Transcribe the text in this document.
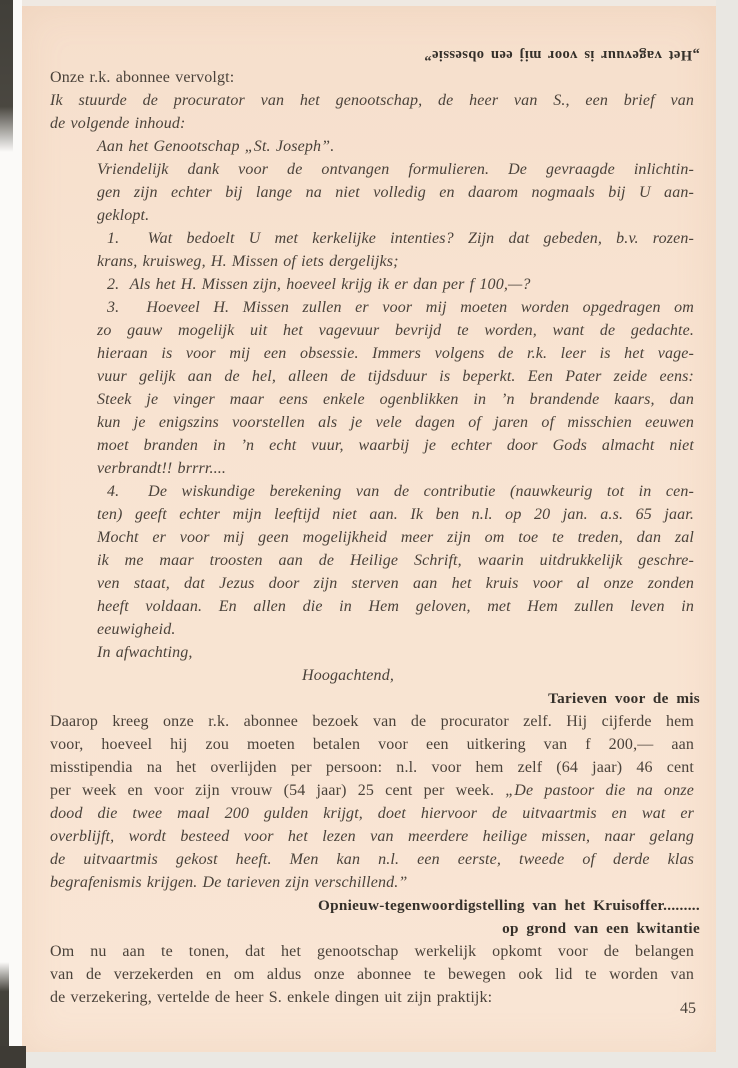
„Het vagevuur is voor mij een obsessie”
Onze r.k. abonnee vervolgt:
Ik stuurde de procurator van het genootschap, de heer van S., een brief van
de volgende inhoud:
Aan het Genootschap „St. Joseph”.
Vriendelijk dank voor de ontvangen formulieren. De gevraagde inlichtin-
gen zijn echter bij lange na niet volledig en daarom nogmaals bij U aan-
geklopt.
1.  Wat bedoelt U met kerkelijke intenties? Zijn dat gebeden, b.v. rozen-
krans, kruisweg, H. Missen of iets dergelijks;
2.  Als het H. Missen zijn, hoeveel krijg ik er dan per f 100,—?
3.  Hoeveel H. Missen zullen er voor mij moeten worden opgedragen om
zo gauw mogelijk uit het vagevuur bevrijd te worden, want de gedachte.
hieraan is voor mij een obsessie. Immers volgens de r.k. leer is het vage-
vuur gelijk aan de hel, alleen de tijdsduur is beperkt. Een Pater zeide eens:
Steek je vinger maar eens enkele ogenblikken in ’n brandende kaars, dan
kun je enigszins voorstellen als je vele dagen of jaren of misschien eeuwen
moet branden in ’n echt vuur, waarbij je echter door Gods almacht niet
verbrandt!! brrrr....
4.  De wiskundige berekening van de contributie (nauwkeurig tot in cen-
ten) geeft echter mijn leeftijd niet aan. Ik ben n.l. op 20 jan. a.s. 65 jaar.
Mocht er voor mij geen mogelijkheid meer zijn om toe te treden, dan zal
ik me maar troosten aan de Heilige Schrift, waarin uitdrukkelijk geschre-
ven staat, dat Jezus door zijn sterven aan het kruis voor al onze zonden
heeft voldaan. En allen die in Hem geloven, met Hem zullen leven in
eeuwigheid.
In afwachting,
Hoogachtend,
Tarieven voor de mis
Daarop kreeg onze r.k. abonnee bezoek van de procurator zelf. Hij cijferde hem
voor, hoeveel hij zou moeten betalen voor een uitkering van f 200,— aan
misstipendia na het overlijden per persoon: n.l. voor hem zelf (64 jaar) 46 cent
per week en voor zijn vrouw (54 jaar) 25 cent per week. „De pastoor die na onze
dood die twee maal 200 gulden krijgt, doet hiervoor de uitvaartmis en wat er
overblijft, wordt besteed voor het lezen van meerdere heilige missen, naar gelang
de uitvaartmis gekost heeft. Men kan n.l. een eerste, tweede of derde klas
begrafenismis krijgen. De tarieven zijn verschillend.”
Opnieuw-tegenwoordigstelling van het Kruisoffer.........
op grond van een kwitantie
Om nu aan te tonen, dat het genootschap werkelijk opkomt voor de belangen
van de verzekerden en om aldus onze abonnee te bewegen ook lid te worden van
de verzekering, vertelde de heer S. enkele dingen uit zijn praktijk:
45
